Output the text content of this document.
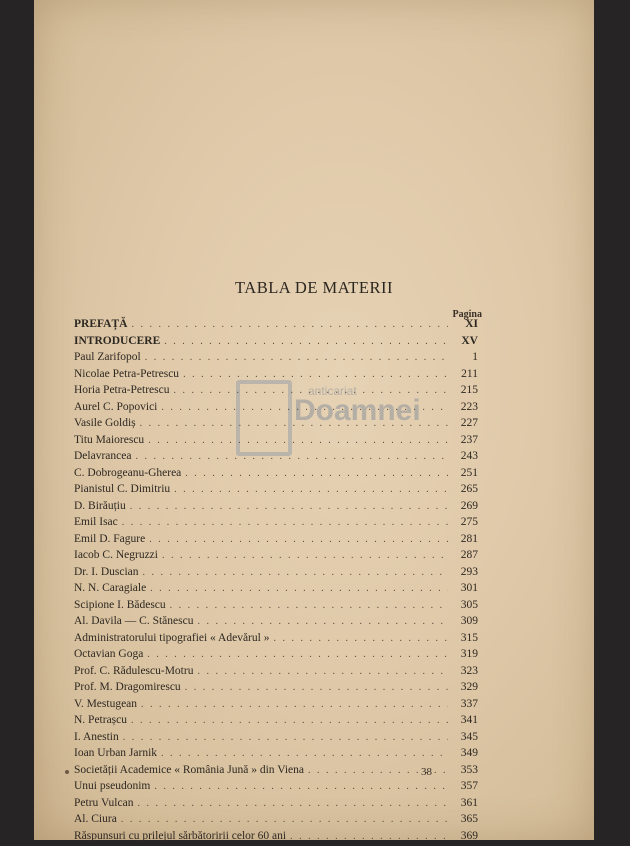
anticariat
Doamnei
TABLA DE MATERII
Pagina
PREFAȚĂ . . .	XI
INTRODUCERE . . .	XV
Paul Zarifopol . . .	1
Nicolae Petra-Petrescu . . .	211
Horia Petra-Petrescu . . .	215
Aurel C. Popovici . . .	223
Vasile Goldiș . . .	227
Titu Maiorescu . . .	237
Delavrancea . . .	243
C. Dobrogeanu-Gherea . . .	251
Pianistul C. Dimitriu . . .	265
D. Birăuțiu . . .	269
Emil Isac . . .	275
Emil D. Fagure . . .	281
Iacob C. Negruzzi . . .	287
Dr. I. Duscian . . .	293
N. N. Caragiale . . .	301
Scipione I. Bădescu . . .	305
Al. Davila — C. Stănescu . . .	309
Administratorului tipografiei « Adevărul » . . .	315
Octavian Goga . . .	319
Prof. C. Rădulescu-Motru . . .	323
Prof. M. Dragomirescu . . .	329
V. Mestugean . . .	337
N. Petrașcu . . .	341
I. Anestin . . .	345
Ioan Urban Jarnik . . .	349
Societății Academice « România Jună » din Viena . . .	353
Unui pseudonim . . .	357
Petru Vulcan . . .	361
Al. Ciura . . .	365
Răspunsuri cu prilejul sărbătoririi celor 60 ani . . .	369
38
